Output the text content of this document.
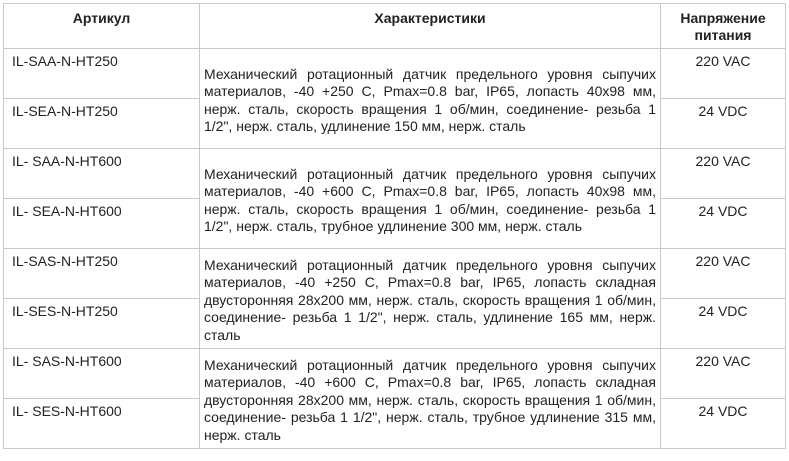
Артикул	Характеристики	Напряжение питания
IL-SAA-N-HT250	Механический ротационный датчик предельного уровня сыпучих материалов, -40 +250 С, Pmax=0.8 bar, IP65, лопасть 40х98 мм, нерж. сталь, скорость вращения 1 об/мин, соединение- резьба 1 1/2", нерж. сталь, удлинение 150 мм, нерж. сталь	220 VAC
IL-SEA-N-HT250		24 VDC
IL- SAA-N-HT600	Механический ротационный датчик предельного уровня сыпучих материалов, -40 +600 С, Pmax=0.8 bar, IP65, лопасть 40х98 мм, нерж. сталь, скорость вращения 1 об/мин, соединение- резьба 1 1/2", нерж. сталь, трубное удлинение 300 мм, нерж. сталь	220 VAC
IL- SEA-N-HT600		24 VDC
IL-SAS-N-HT250	Механический ротационный датчик предельного уровня сыпучих материалов, -40 +250 С, Pmax=0.8 bar, IP65, лопасть складная двусторонняя 28х200 мм, нерж. сталь, скорость вращения 1 об/мин, соединение- резьба 1 1/2", нерж. сталь, удлинение 165 мм, нерж. сталь	220 VAC
IL-SES-N-HT250		24 VDC
IL- SAS-N-HT600	Механический ротационный датчик предельного уровня сыпучих материалов, -40 +600 С, Pmax=0.8 bar, IP65, лопасть складная двусторонняя 28х200 мм, нерж. сталь, скорость вращения 1 об/мин, соединение- резьба 1 1/2", нерж. сталь, трубное удлинение 315 мм, нерж. сталь	220 VAC
IL- SES-N-HT600		24 VDC
